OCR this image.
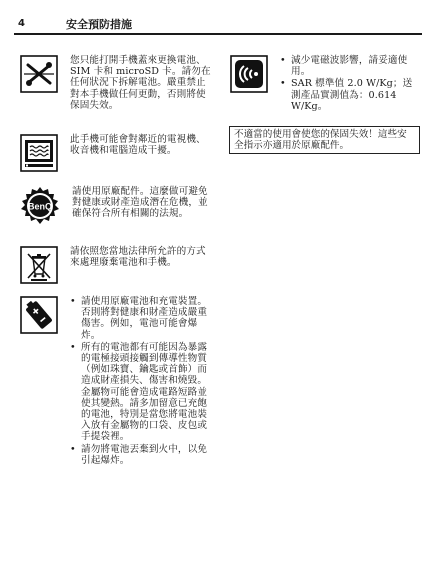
4	安全預防措施

您只能打開手機蓋來更換電池、SIM 卡和 microSD 卡。請勿在任何狀況下拆解電池。嚴重禁止對本手機做任何更動，否則將使保固失效。

此手機可能會對鄰近的電視機、收音機和電腦造成干擾。

BenQ

請使用原廠配件。這麼做可避免對健康或財產造成潛在危機，並確保符合所有相關的法規。

請依照您當地法律所允許的方式來處理廢棄電池和手機。

• 請使用原廠電池和充電裝置。否則將對健康和財產造成嚴重傷害。例如，電池可能會爆炸。
• 所有的電池都有可能因為暴露的電極接頭接觸到傳導性物質（例如珠寶、鑰匙或首飾）而造成財產損失、傷害和燒毀。金屬物可能會造成電路短路並使其變熱。請多加留意已充飽的電池，特別是當您將電池裝入放有金屬物的口袋、皮包或手提袋裡。
• 請勿將電池丟棄到火中，以免引起爆炸。
• 減少電磁波影響，請妥適使用。
• SAR 標準值 2.0 W/Kg；送測產品實測值為：0.614 W/Kg。
不適當的使用會使您的保固失效！這些安全指示亦適用於原廠配件。
